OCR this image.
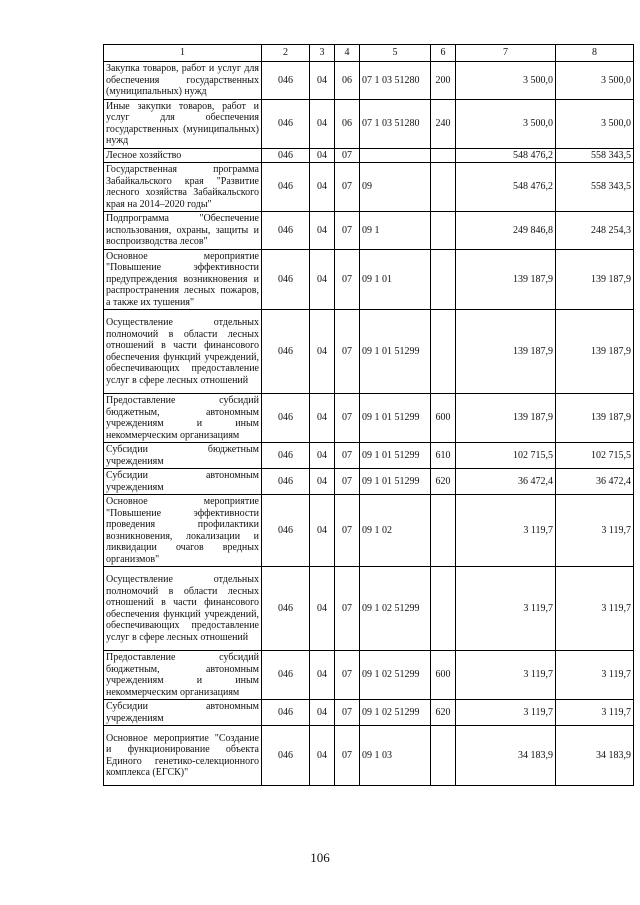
1	2	3	4	5	6	7	8
Закупка товаров, работ и услуг для обеспечения государственных (муниципальных) нужд	046	04	06	07 1 03 51280	200	3 500,0	3 500,0
Иные закупки товаров, работ и услуг для обеспечения государственных (муниципальных) нужд	046	04	06	07 1 03 51280	240	3 500,0	3 500,0
Лесное хозяйство	046	04	07			548 476,2	558 343,5
Государственная программа Забайкальского края "Развитие лесного хозяйства Забайкальского края на 2014–2020 годы"	046	04	07	09		548 476,2	558 343,5
Подпрограмма "Обеспечение использования, охраны, защиты и воспроизводства лесов"	046	04	07	09 1		249 846,8	248 254,3
Основное мероприятие "Повышение эффективности предупреждения возникновения и распространения лесных пожаров, а также их тушения"	046	04	07	09 1 01		139 187,9	139 187,9
Осуществление отдельных полномочий в области лесных отношений в части финансового обеспечения функций учреждений, обеспечивающих предоставление услуг в сфере лесных отношений	046	04	07	09 1 01 51299		139 187,9	139 187,9
Предоставление субсидий бюджетным, автономным учреждениям и иным некоммерческим организациям	046	04	07	09 1 01 51299	600	139 187,9	139 187,9
Субсидии бюджетным учреждениям	046	04	07	09 1 01 51299	610	102 715,5	102 715,5
Субсидии автономным учреждениям	046	04	07	09 1 01 51299	620	36 472,4	36 472,4
Основное мероприятие "Повышение эффективности проведения профилактики возникновения, локализации и ликвидации очагов вредных организмов"	046	04	07	09 1 02		3 119,7	3 119,7
Осуществление отдельных полномочий в области лесных отношений в части финансового обеспечения функций учреждений, обеспечивающих предоставление услуг в сфере лесных отношений	046	04	07	09 1 02 51299		3 119,7	3 119,7
Предоставление субсидий бюджетным, автономным учреждениям и иным некоммерческим организациям	046	04	07	09 1 02 51299	600	3 119,7	3 119,7
Субсидии автономным учреждениям	046	04	07	09 1 02 51299	620	3 119,7	3 119,7
Основное мероприятие "Создание и функционирование объекта Единого генетико-селекционного комплекса (ЕГСК)"	046	04	07	09 1 03		34 183,9	34 183,9
106
